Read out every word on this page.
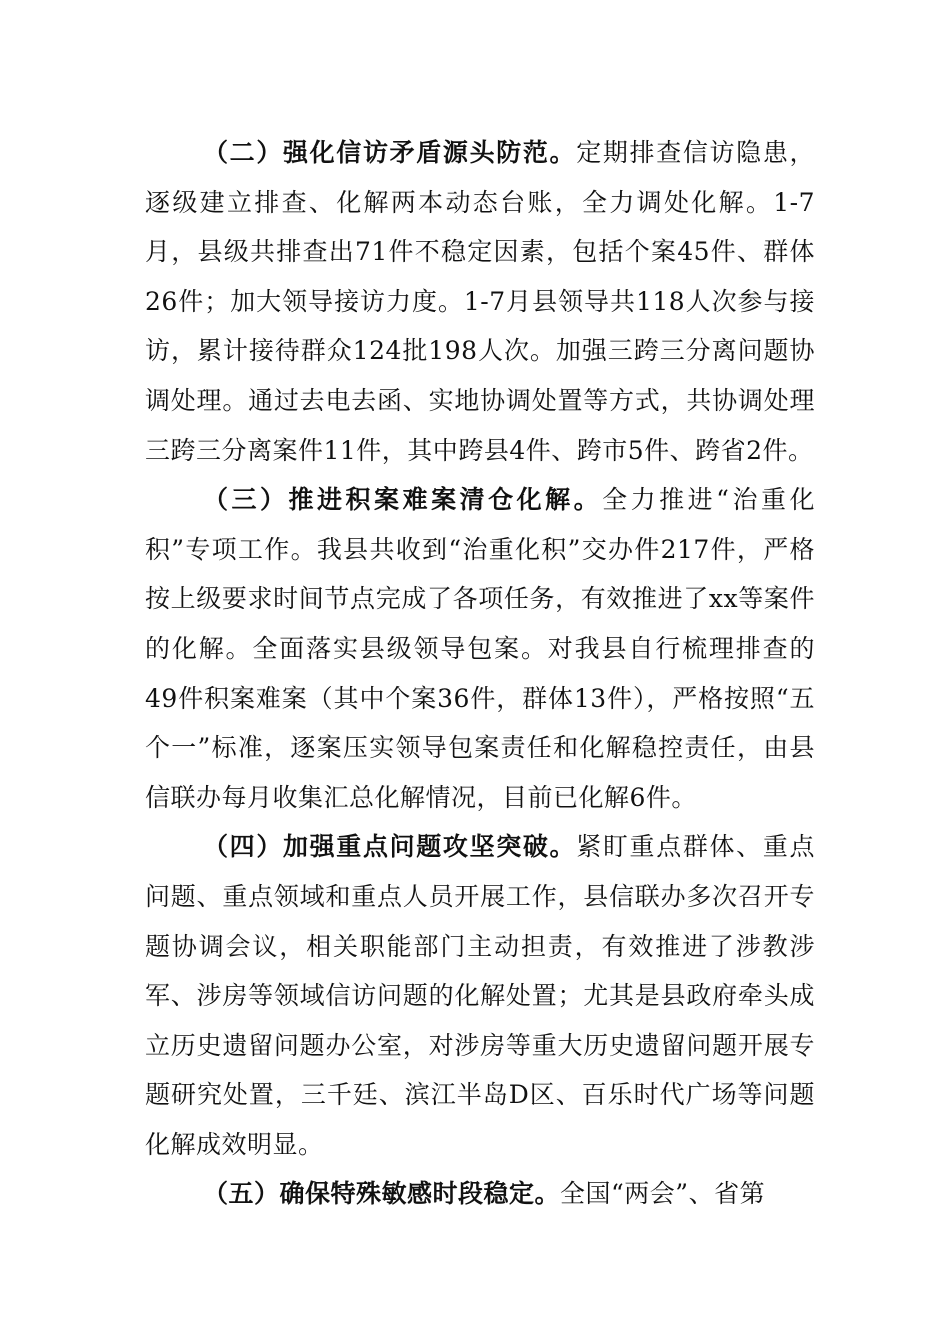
（二）强化信访矛盾源头防范。定期排查信访隐患，逐级建立排查、化解两本动态台账，全力调处化解。1-7月，县级共排查出71件不稳定因素，包括个案45件、群体26件；加大领导接访力度。1-7月县领导共118人次参与接访，累计接待群众124批198人次。加强三跨三分离问题协调处理。通过去电去函、实地协调处置等方式，共协调处理三跨三分离案件11件，其中跨县4件、跨市5件、跨省2件。

（三）推进积案难案清仓化解。全力推进“治重化积”专项工作。我县共收到“治重化积”交办件217件，严格按上级要求时间节点完成了各项任务，有效推进了xx等案件的化解。全面落实县级领导包案。对我县自行梳理排查的49件积案难案（其中个案36件，群体13件），严格按照“五个一”标准，逐案压实领导包案责任和化解稳控责任，由县信联办每月收集汇总化解情况，目前已化解6件。

（四）加强重点问题攻坚突破。紧盯重点群体、重点问题、重点领域和重点人员开展工作，县信联办多次召开专题协调会议，相关职能部门主动担责，有效推进了涉教涉军、涉房等领域信访问题的化解处置；尤其是县政府牵头成立历史遗留问题办公室，对涉房等重大历史遗留问题开展专题研究处置，三千廷、滨江半岛D区、百乐时代广场等问题化解成效明显。

（五）确保特殊敏感时段稳定。全国“两会”、省第
